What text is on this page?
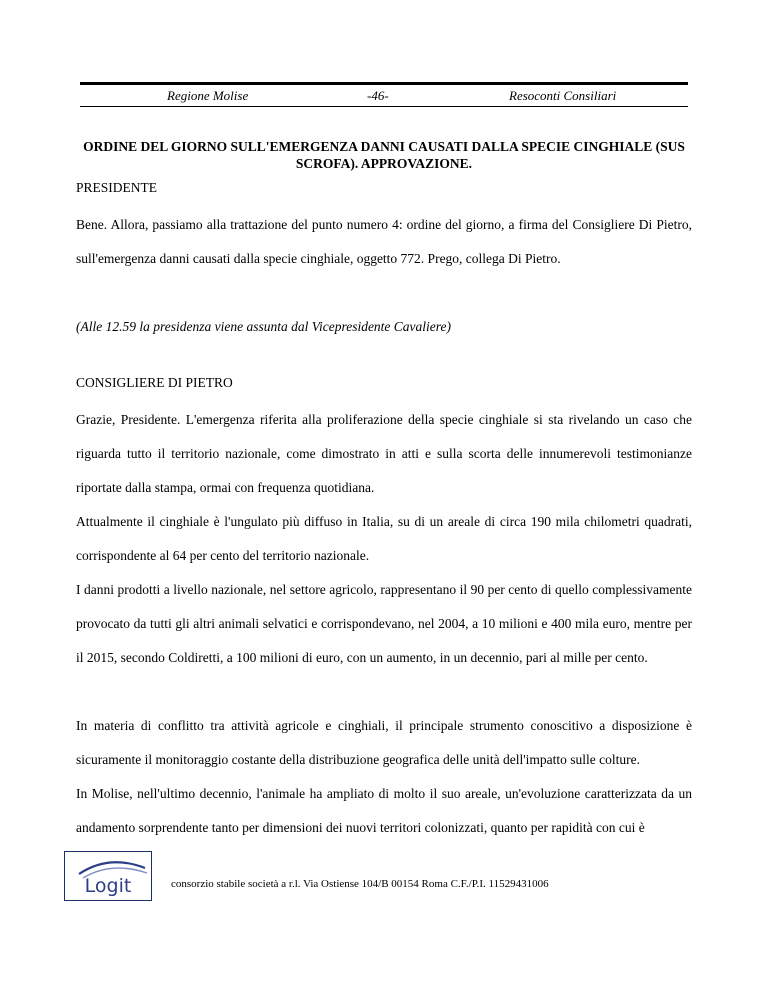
Regione Molise	-46-	Resoconti Consiliari
ORDINE DEL GIORNO SULL'EMERGENZA DANNI CAUSATI DALLA SPECIE CINGHIALE (SUS SCROFA). APPROVAZIONE.
PRESIDENTE
Bene. Allora, passiamo alla trattazione del punto numero 4: ordine del giorno, a firma del Consigliere Di Pietro, sull'emergenza danni causati dalla specie cinghiale, oggetto 772. Prego, collega Di Pietro.
(Alle 12.59 la presidenza viene assunta dal Vicepresidente Cavaliere)
CONSIGLIERE DI PIETRO
Grazie, Presidente. L'emergenza riferita alla proliferazione della specie cinghiale si sta rivelando un caso che riguarda tutto il territorio nazionale, come dimostrato in atti e sulla scorta delle innumerevoli testimonianze riportate dalla stampa, ormai con frequenza quotidiana.
Attualmente il cinghiale è l'ungulato più diffuso in Italia, su di un areale di circa 190 mila chilometri quadrati, corrispondente al 64 per cento del territorio nazionale.
I danni prodotti a livello nazionale, nel settore agricolo, rappresentano il 90 per cento di quello complessivamente provocato da tutti gli altri animali selvatici e corrispondevano, nel 2004, a 10 milioni e 400 mila euro, mentre per il 2015, secondo Coldiretti, a 100 milioni di euro, con un aumento, in un decennio, pari al mille per cento.
In materia di conflitto tra attività agricole e cinghiali, il principale strumento conoscitivo a disposizione è sicuramente il monitoraggio costante della distribuzione geografica delle unità dell'impatto sulle colture.
In Molise, nell'ultimo decennio, l'animale ha ampliato di molto il suo areale, un'evoluzione caratterizzata da un andamento sorprendente tanto per dimensioni dei nuovi territori colonizzati, quanto per rapidità con cui è
Logit	consorzio stabile società a r.l. Via Ostiense 104/B 00154 Roma C.F./P.I. 11529431006
